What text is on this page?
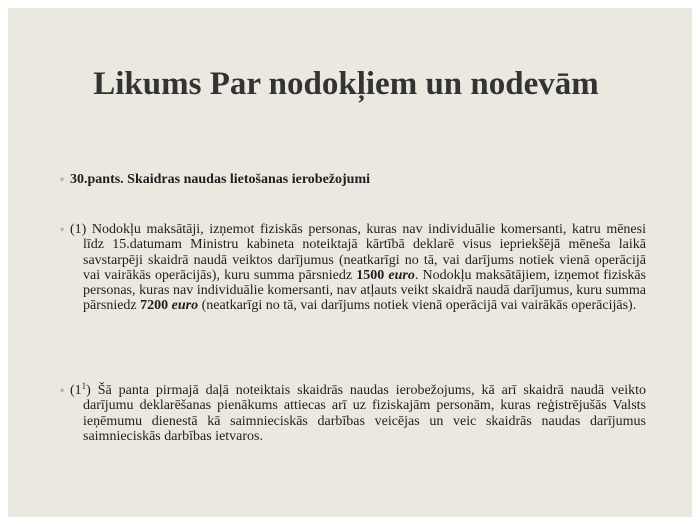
Likums Par nodokļiem un nodevām
◦ 30.pants. Skaidras naudas lietošanas ierobežojumi
◦ (1) Nodokļu maksātāji, izņemot fiziskās personas, kuras nav individuālie komersanti, katru mēnesi līdz 15.datumam Ministru kabineta noteiktajā kārtībā deklarē visus iepriekšējā mēneša laikā savstarpēji skaidrā naudā veiktos darījumus (neatkarīgi no tā, vai darījums notiek vienā operācijā vai vairākās operācijās), kuru summa pārsniedz 1500 euro. Nodokļu maksātājiem, izņemot fiziskās personas, kuras nav individuālie komersanti, nav atļauts veikt skaidrā naudā darījumus, kuru summa pārsniedz 7200 euro (neatkarīgi no tā, vai darījums notiek vienā operācijā vai vairākās operācijās).
◦ $(1^1)$ Šā panta pirmajā daļā noteiktais skaidrās naudas ierobežojums, kā arī skaidrā naudā veikto darījumu deklarēšanas pienākums attiecas arī uz fiziskajām personām, kuras reģistrējušās Valsts ieņēmumu dienestā kā saimnieciskās darbības veicējas un veic skaidrās naudas darījumus saimnieciskās darbības ietvaros.
